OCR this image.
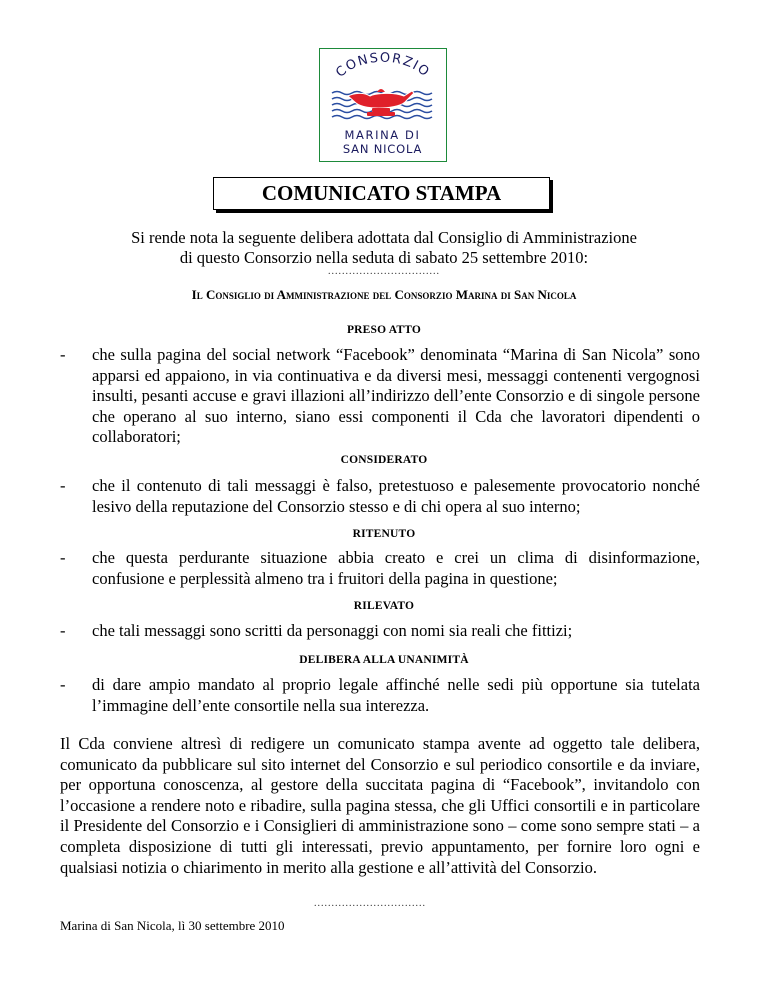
CONSORZIO
MARINA DI
SAN NICOLA
COMUNICATO STAMPA
Si rende nota la seguente delibera adottata dal Consiglio di Amministrazione
di questo Consorzio nella seduta di sabato 25 settembre 2010:
................................
Il Consiglio di Amministrazione del Consorzio Marina di San Nicola
PRESO ATTO
- che sulla pagina del social network “Facebook” denominata “Marina di San Nicola” sono apparsi ed appaiono, in via continuativa e da diversi mesi, messaggi contenenti vergognosi insulti, pesanti accuse e gravi illazioni all’indirizzo dell’ente Consorzio e di singole persone che operano al suo interno, siano essi componenti il Cda che lavoratori dipendenti o collaboratori;
CONSIDERATO
- che il contenuto di tali messaggi è falso, pretestuoso e palesemente provocatorio nonché lesivo della reputazione del Consorzio stesso e di chi opera al suo interno;
RITENUTO
- che questa perdurante situazione abbia creato e crei un clima di disinformazione, confusione e perplessità almeno tra i fruitori della pagina in questione;
RILEVATO
- che tali messaggi sono scritti da personaggi con nomi sia reali che fittizi;
DELIBERA ALLA UNANIMITÀ
- di dare ampio mandato al proprio legale affinché nelle sedi più opportune sia tutelata l’immagine dell’ente consortile nella sua interezza.
Il Cda conviene altresì di redigere un comunicato stampa avente ad oggetto tale delibera, comunicato da pubblicare sul sito internet del Consorzio e sul periodico consortile e da inviare, per opportuna conoscenza, al gestore della succitata pagina di “Facebook”, invitandolo con l’occasione a rendere noto e ribadire, sulla pagina stessa, che gli Uffici consortili e in particolare il Presidente del Consorzio e i Consiglieri di amministrazione sono – come sono sempre stati – a completa disposizione di tutti gli interessati, previo appuntamento, per fornire loro ogni e qualsiasi notizia o chiarimento in merito alla gestione e all’attività del Consorzio.
................................
Marina di San Nicola, lì 30 settembre 2010
